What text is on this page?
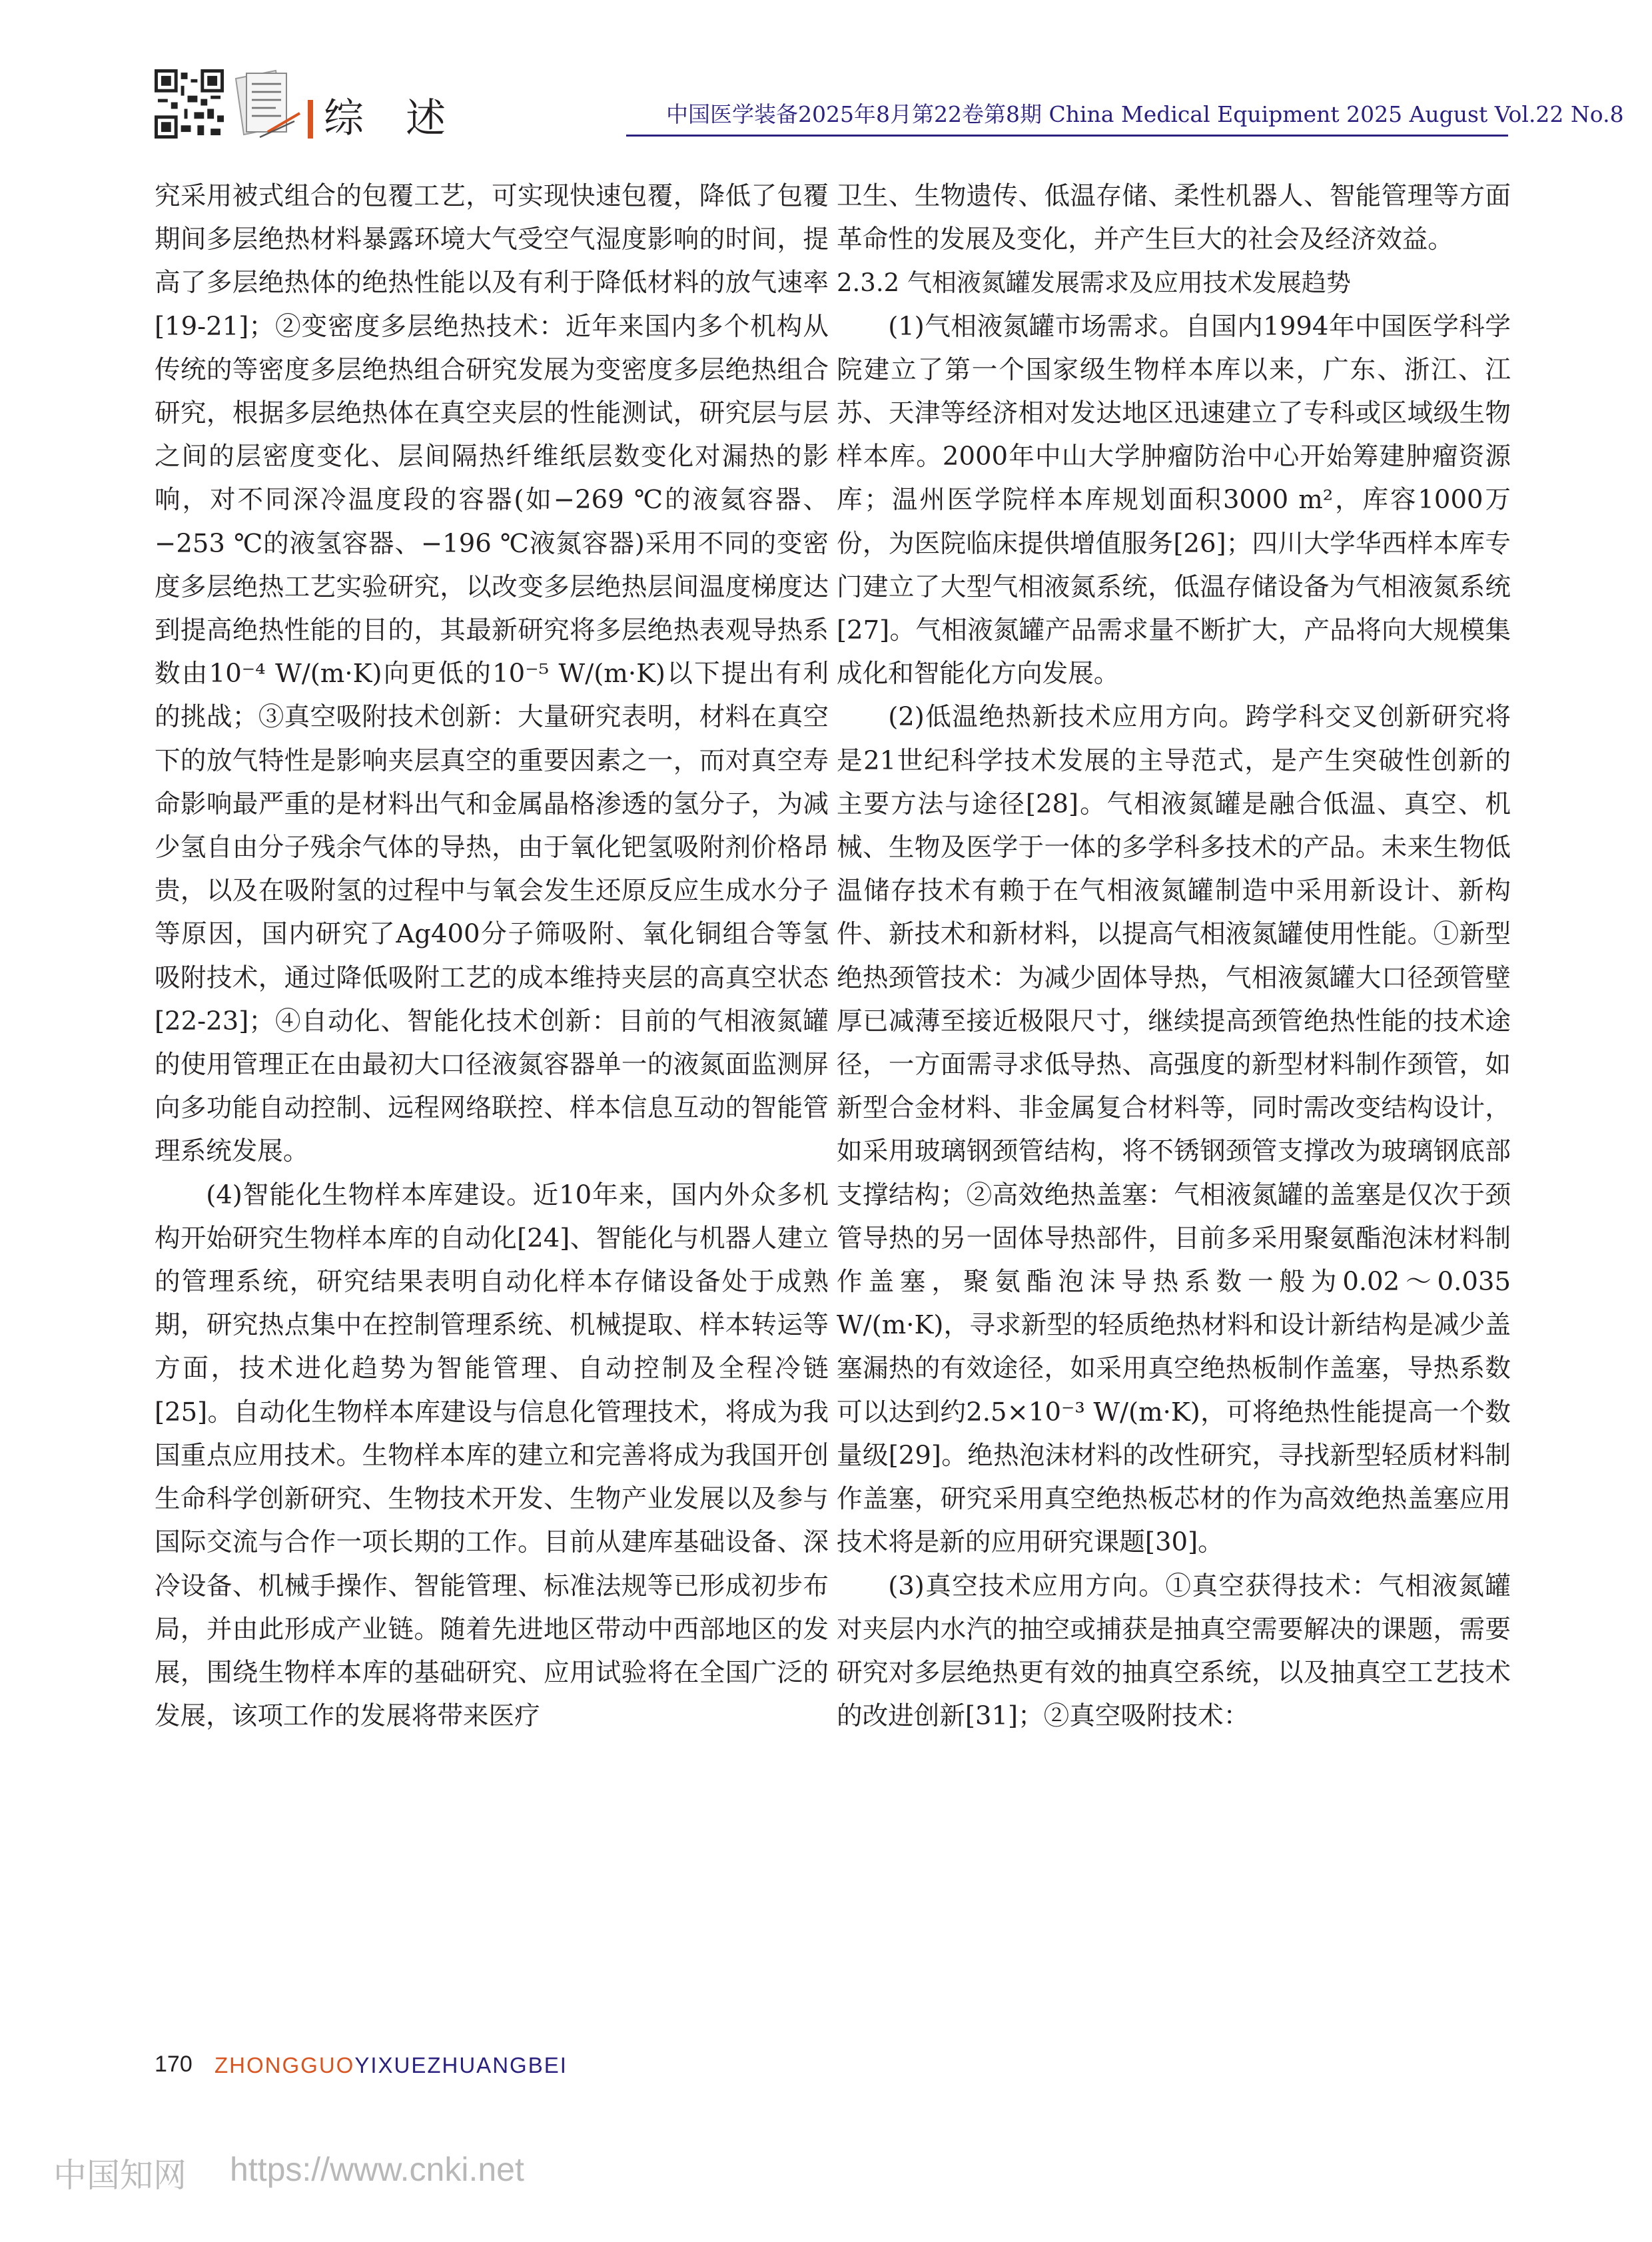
综 述	中国医学装备2025年8月第22卷第8期 China Medical Equipment 2025 August Vol.22 No.8

究采用被式组合的包覆工艺，可实现快速包覆，降低了包覆期间多层绝热材料暴露环境大气受空气湿度影响的时间，提高了多层绝热体的绝热性能以及有利于降低材料的放气速率[19-21]；②变密度多层绝热技术：近年来国内多个机构从传统的等密度多层绝热组合研究发展为变密度多层绝热组合研究，根据多层绝热体在真空夹层的性能测试，研究层与层之间的层密度变化、层间隔热纤维纸层数变化对漏热的影响，对不同深冷温度段的容器(如−269 ℃的液氦容器、−253 ℃的液氢容器、−196 ℃液氮容器)采用不同的变密度多层绝热工艺实验研究，以改变多层绝热层间温度梯度达到提高绝热性能的目的，其最新研究将多层绝热表观导热系数由10⁻⁴ W/(m·K)向更低的10⁻⁵ W/(m·K)以下提出有利的挑战；③真空吸附技术创新：大量研究表明，材料在真空下的放气特性是影响夹层真空的重要因素之一，而对真空寿命影响最严重的是材料出气和金属晶格渗透的氢分子，为减少氢自由分子残余气体的导热，由于氧化钯氢吸附剂价格昂贵，以及在吸附氢的过程中与氧会发生还原反应生成水分子等原因，国内研究了Ag400分子筛吸附、氧化铜组合等氢吸附技术，通过降低吸附工艺的成本维持夹层的高真空状态[22-23]；④自动化、智能化技术创新：目前的气相液氮罐的使用管理正在由最初大口径液氮容器单一的液氮面监测屏向多功能自动控制、远程网络联控、样本信息互动的智能管理系统发展。

(4)智能化生物样本库建设。近10年来，国内外众多机构开始研究生物样本库的自动化[24]、智能化与机器人建立的管理系统，研究结果表明自动化样本存储设备处于成熟期，研究热点集中在控制管理系统、机械提取、样本转运等方面，技术进化趋势为智能管理、自动控制及全程冷链[25]。自动化生物样本库建设与信息化管理技术，将成为我国重点应用技术。生物样本库的建立和完善将成为我国开创生命科学创新研究、生物技术开发、生物产业发展以及参与国际交流与合作一项长期的工作。目前从建库基础设备、深冷设备、机械手操作、智能管理、标准法规等已形成初步布局，并由此形成产业链。随着先进地区带动中西部地区的发展，围绕生物样本库的基础研究、应用试验将在全国广泛的发展，该项工作的发展将带来医疗

卫生、生物遗传、低温存储、柔性机器人、智能管理等方面革命性的发展及变化，并产生巨大的社会及经济效益。

2.3.2 气相液氮罐发展需求及应用技术发展趋势

(1)气相液氮罐市场需求。自国内1994年中国医学科学院建立了第一个国家级生物样本库以来，广东、浙江、江苏、天津等经济相对发达地区迅速建立了专科或区域级生物样本库。2000年中山大学肿瘤防治中心开始筹建肿瘤资源库；温州医学院样本库规划面积3000 m²，库容1000万份，为医院临床提供增值服务[26]；四川大学华西样本库专门建立了大型气相液氮系统，低温存储设备为气相液氮系统[27]。气相液氮罐产品需求量不断扩大，产品将向大规模集成化和智能化方向发展。

(2)低温绝热新技术应用方向。跨学科交叉创新研究将是21世纪科学技术发展的主导范式，是产生突破性创新的主要方法与途径[28]。气相液氮罐是融合低温、真空、机械、生物及医学于一体的多学科多技术的产品。未来生物低温储存技术有赖于在气相液氮罐制造中采用新设计、新构件、新技术和新材料，以提高气相液氮罐使用性能。①新型绝热颈管技术：为减少固体导热，气相液氮罐大口径颈管壁厚已减薄至接近极限尺寸，继续提高颈管绝热性能的技术途径，一方面需寻求低导热、高强度的新型材料制作颈管，如新型合金材料、非金属复合材料等，同时需改变结构设计，如采用玻璃钢颈管结构，将不锈钢颈管支撑改为玻璃钢底部支撑结构；②高效绝热盖塞：气相液氮罐的盖塞是仅次于颈管导热的另一固体导热部件，目前多采用聚氨酯泡沫材料制作盖塞，聚氨酯泡沫导热系数一般为0.02～0.035 W/(m·K)，寻求新型的轻质绝热材料和设计新结构是减少盖塞漏热的有效途径，如采用真空绝热板制作盖塞，导热系数可以达到约2.5×10⁻³ W/(m·K)，可将绝热性能提高一个数量级[29]。绝热泡沫材料的改性研究，寻找新型轻质材料制作盖塞，研究采用真空绝热板芯材的作为高效绝热盖塞应用技术将是新的应用研究课题[30]。

(3)真空技术应用方向。①真空获得技术：气相液氮罐对夹层内水汽的抽空或捕获是抽真空需要解决的课题，需要研究对多层绝热更有效的抽真空系统，以及抽真空工艺技术的改进创新[31]；②真空吸附技术：

170 ZHONGGUOYIXUEZHUANGBEI
中国知网 https://www.cnki.net
